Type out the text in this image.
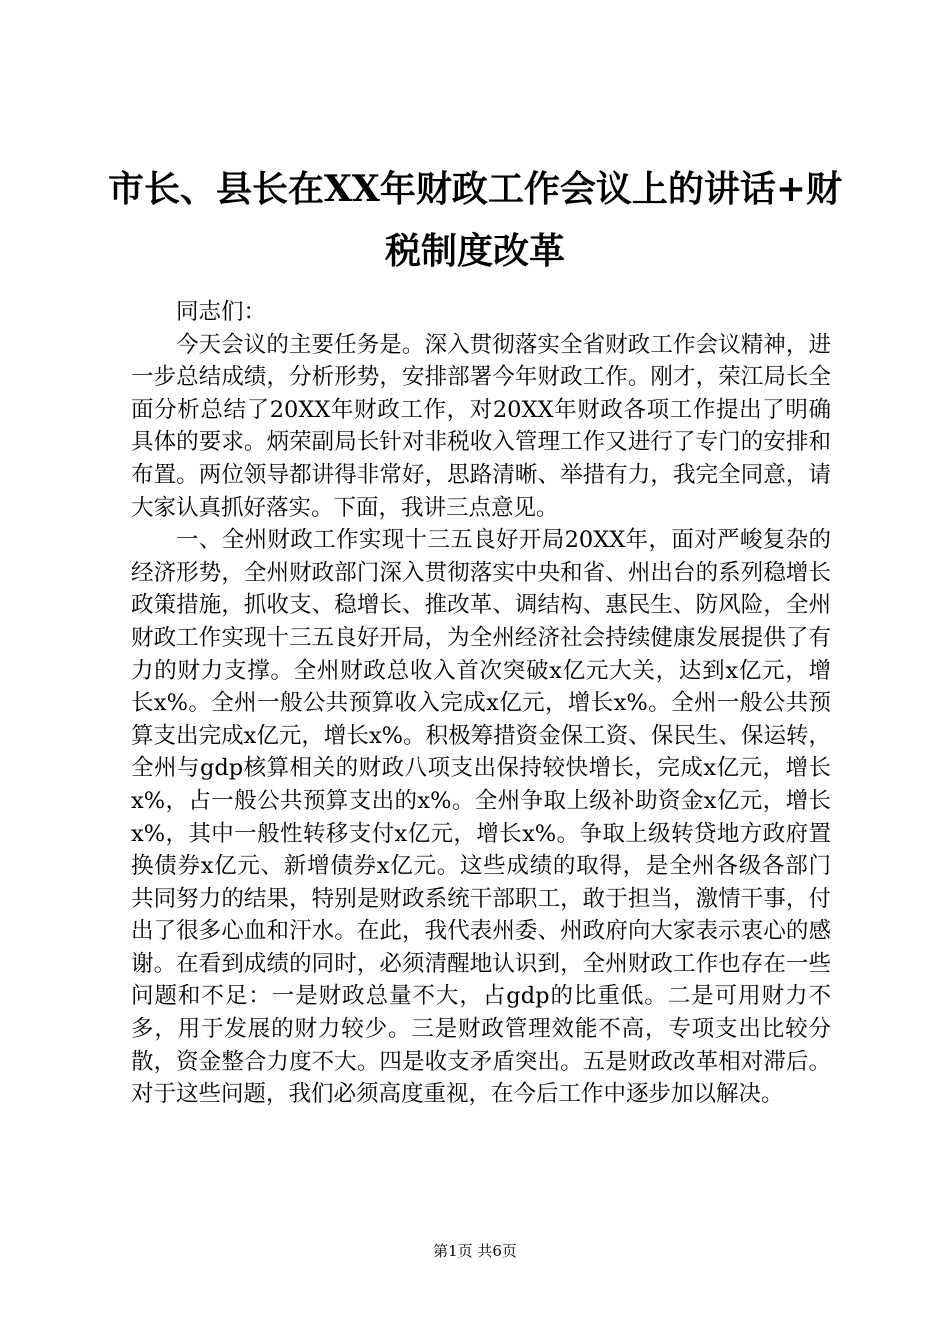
市长、县长在XX年财政工作会议上的讲话+财税制度改革

同志们：

今天会议的主要任务是。深入贯彻落实全省财政工作会议精神，进一步总结成绩，分析形势，安排部署今年财政工作。刚才，荣江局长全面分析总结了20XX年财政工作，对20XX年财政各项工作提出了明确具体的要求。炳荣副局长针对非税收入管理工作又进行了专门的安排和布置。两位领导都讲得非常好，思路清晰、举措有力，我完全同意，请大家认真抓好落实。下面，我讲三点意见。

一、全州财政工作实现十三五良好开局20XX年，面对严峻复杂的经济形势，全州财政部门深入贯彻落实中央和省、州出台的系列稳增长政策措施，抓收支、稳增长、推改革、调结构、惠民生、防风险，全州财政工作实现十三五良好开局，为全州经济社会持续健康发展提供了有力的财力支撑。全州财政总收入首次突破x亿元大关，达到x亿元，增长x%。全州一般公共预算收入完成x亿元，增长x%。全州一般公共预算支出完成x亿元，增长x%。积极筹措资金保工资、保民生、保运转，全州与gdp核算相关的财政八项支出保持较快增长，完成x亿元，增长x%，占一般公共预算支出的x%。全州争取上级补助资金x亿元，增长x%，其中一般性转移支付x亿元，增长x%。争取上级转贷地方政府置换债券x亿元、新增债券x亿元。这些成绩的取得，是全州各级各部门共同努力的结果，特别是财政系统干部职工，敢于担当，激情干事，付出了很多心血和汗水。在此，我代表州委、州政府向大家表示衷心的感谢。在看到成绩的同时，必须清醒地认识到，全州财政工作也存在一些问题和不足：一是财政总量不大，占gdp的比重低。二是可用财力不多，用于发展的财力较少。三是财政管理效能不高，专项支出比较分散，资金整合力度不大。四是收支矛盾突出。五是财政改革相对滞后。对于这些问题，我们必须高度重视，在今后工作中逐步加以解决。

第1页 共6页
